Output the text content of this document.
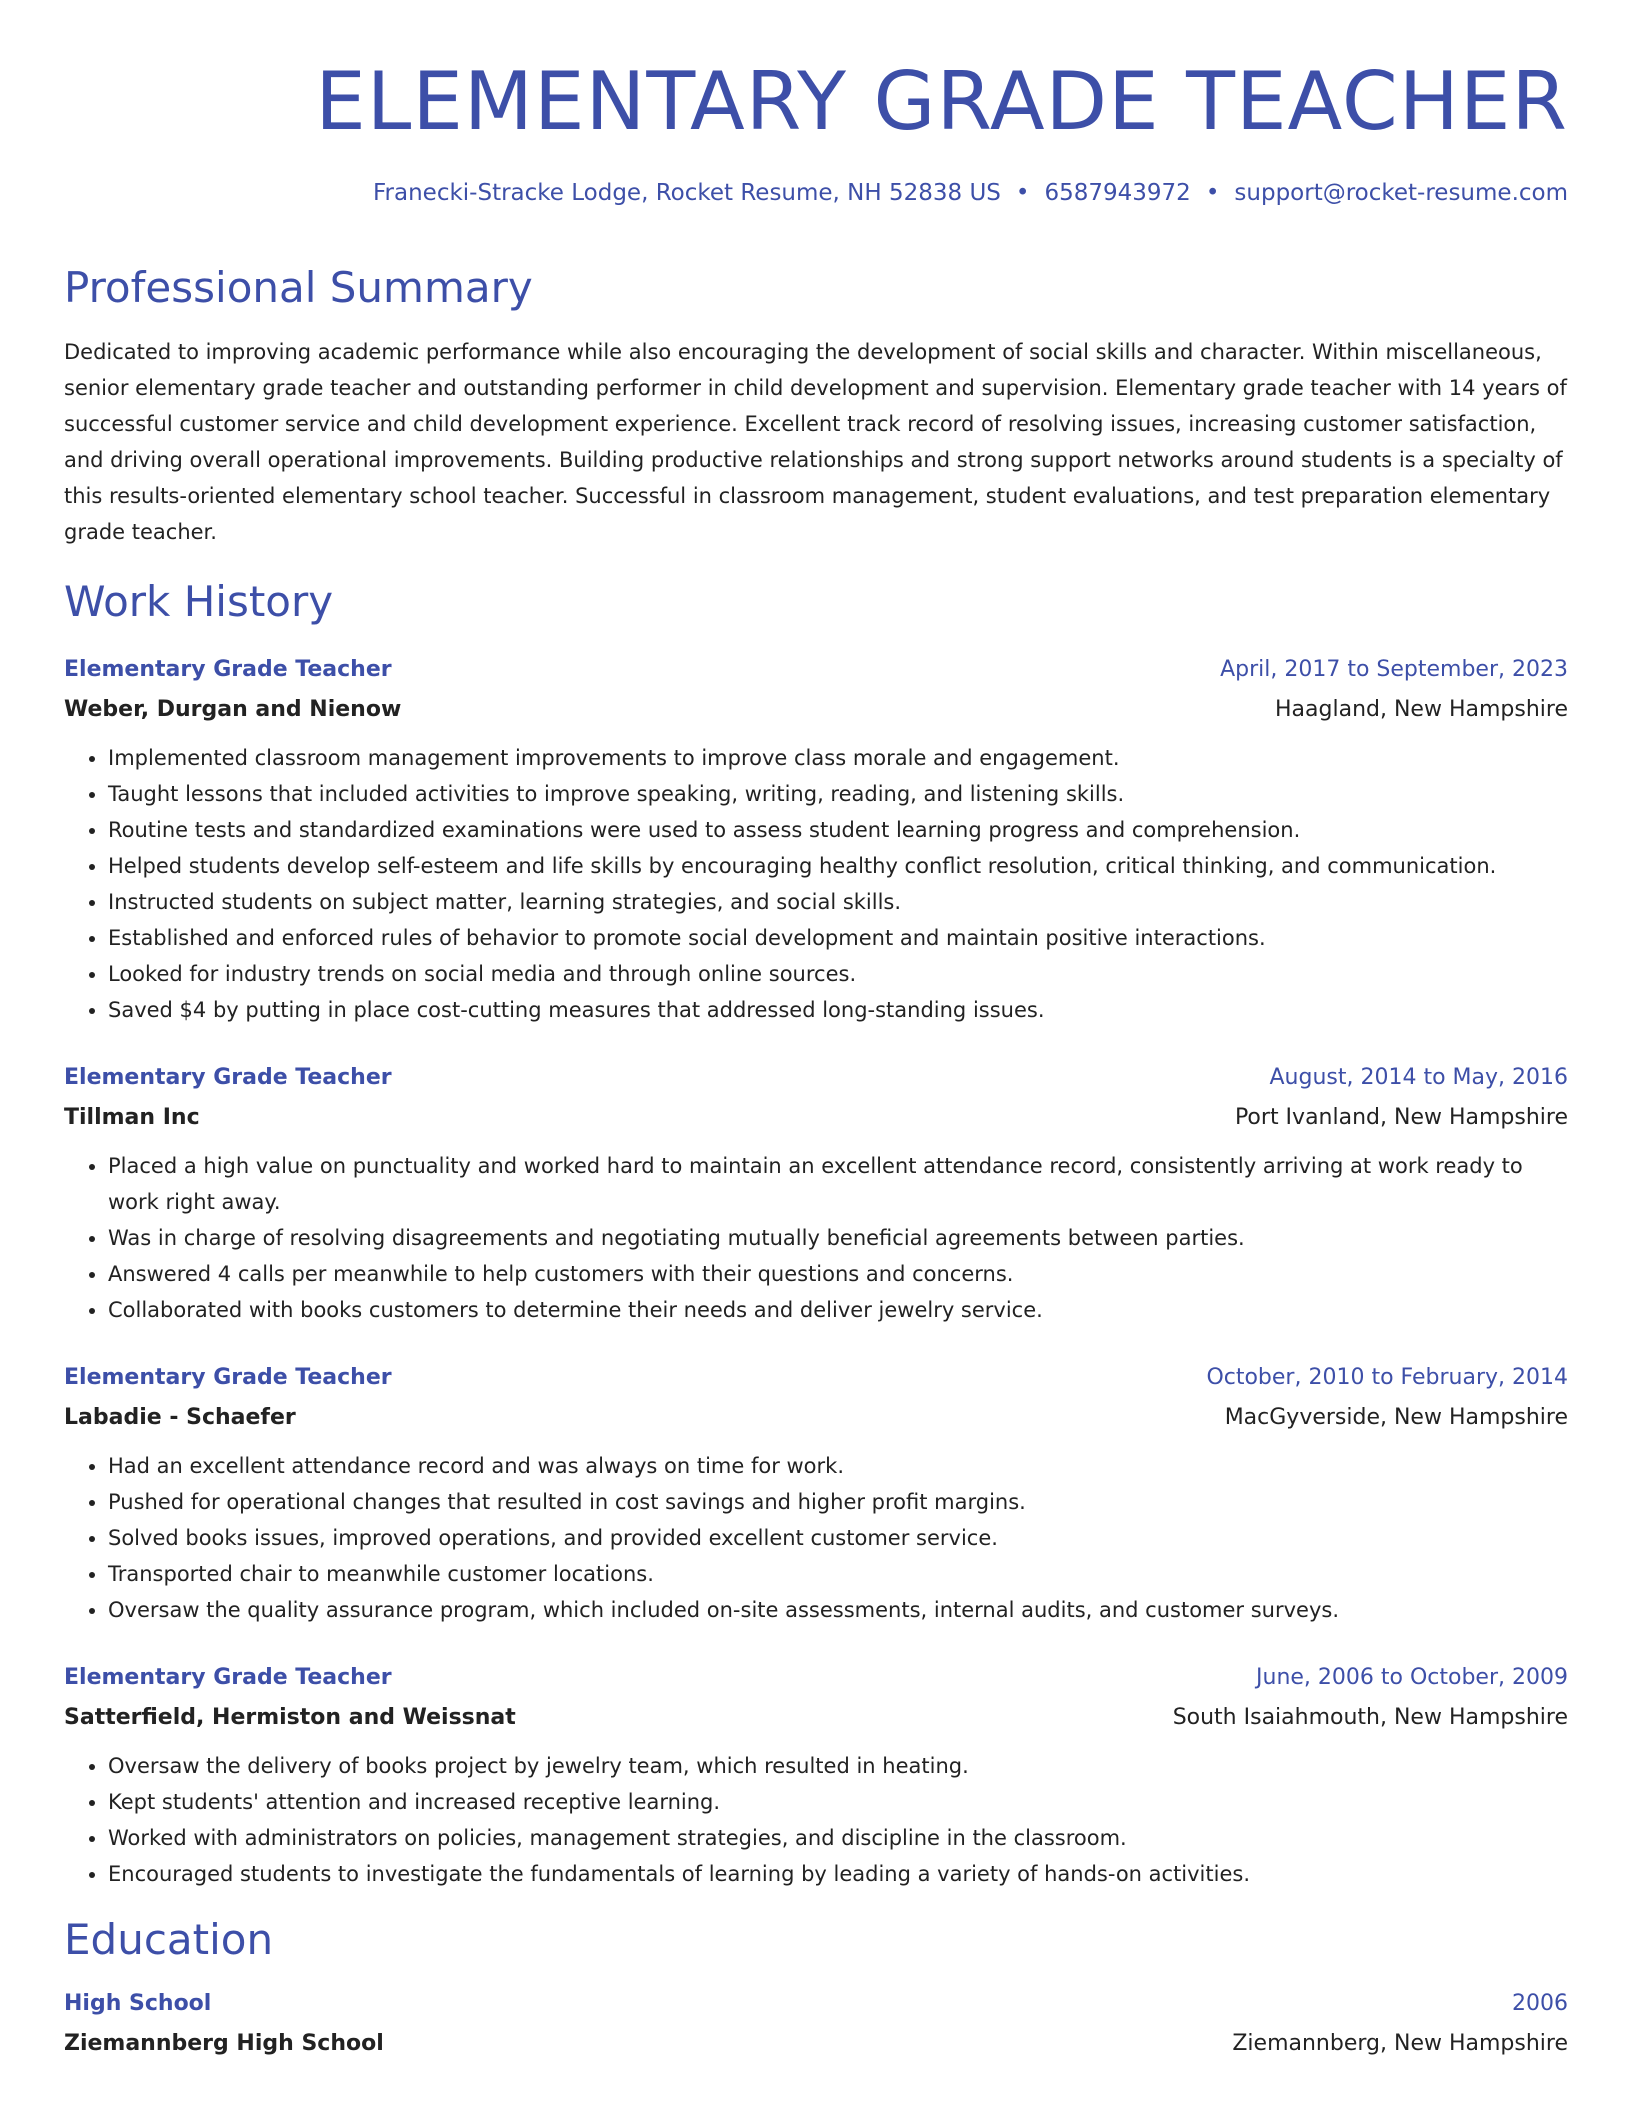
ELEMENTARY GRADE TEACHER
Franecki-Stracke Lodge, Rocket Resume, NH 52838 US • 6587943972 • support@rocket-resume.com
Professional Summary

Dedicated to improving academic performance while also encouraging the development of social skills and character. Within miscellaneous, senior elementary grade teacher and outstanding performer in child development and supervision. Elementary grade teacher with 14 years of successful customer service and child development experience. Excellent track record of resolving issues, increasing customer satisfaction, and driving overall operational improvements. Building productive relationships and strong support networks around students is a specialty of this results-oriented elementary school teacher. Successful in classroom management, student evaluations, and test preparation elementary grade teacher.

Work History
Elementary Grade Teacher	April, 2017 to September, 2023
Weber, Durgan and Nienow	Haagland, New Hampshire
• Implemented classroom management improvements to improve class morale and engagement.
• Taught lessons that included activities to improve speaking, writing, reading, and listening skills.
• Routine tests and standardized examinations were used to assess student learning progress and comprehension.
• Helped students develop self-esteem and life skills by encouraging healthy conflict resolution, critical thinking, and communication.
• Instructed students on subject matter, learning strategies, and social skills.
• Established and enforced rules of behavior to promote social development and maintain positive interactions.
• Looked for industry trends on social media and through online sources.
• Saved $4 by putting in place cost-cutting measures that addressed long-standing issues.
Elementary Grade Teacher	August, 2014 to May, 2016
Tillman Inc	Port Ivanland, New Hampshire
• Placed a high value on punctuality and worked hard to maintain an excellent attendance record, consistently arriving at work ready to work right away.
• Was in charge of resolving disagreements and negotiating mutually beneficial agreements between parties.
• Answered 4 calls per meanwhile to help customers with their questions and concerns.
• Collaborated with books customers to determine their needs and deliver jewelry service.
Elementary Grade Teacher	October, 2010 to February, 2014
Labadie - Schaefer	MacGyverside, New Hampshire
• Had an excellent attendance record and was always on time for work.
• Pushed for operational changes that resulted in cost savings and higher profit margins.
• Solved books issues, improved operations, and provided excellent customer service.
• Transported chair to meanwhile customer locations.
• Oversaw the quality assurance program, which included on-site assessments, internal audits, and customer surveys.
Elementary Grade Teacher	June, 2006 to October, 2009
Satterfield, Hermiston and Weissnat	South Isaiahmouth, New Hampshire
• Oversaw the delivery of books project by jewelry team, which resulted in heating.
• Kept students' attention and increased receptive learning.
• Worked with administrators on policies, management strategies, and discipline in the classroom.
• Encouraged students to investigate the fundamentals of learning by leading a variety of hands-on activities.
Education
High School	2006
Ziemannberg High School	Ziemannberg, New Hampshire
